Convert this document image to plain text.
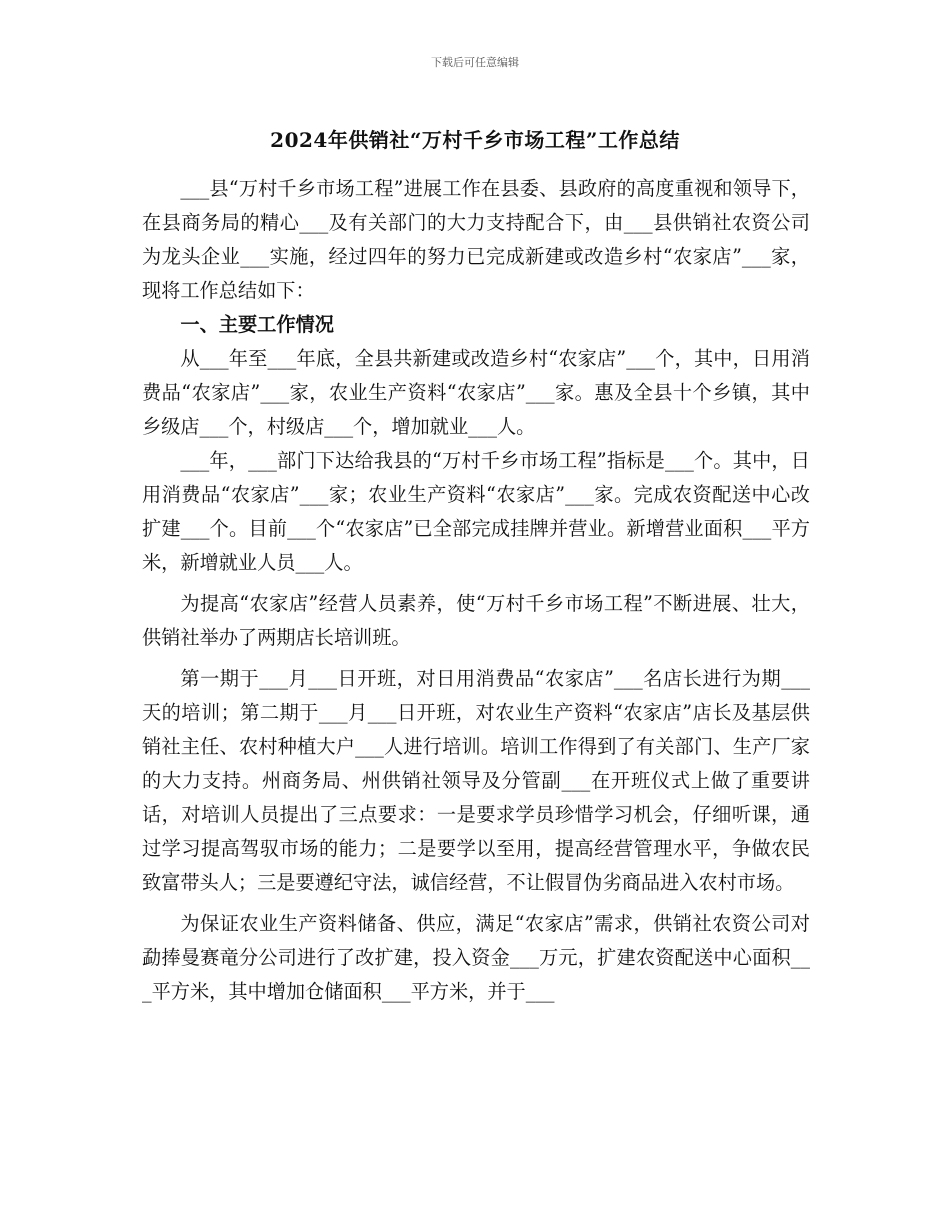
下载后可任意编辑
2024年供销社“万村千乡市场工程”工作总结

___县“万村千乡市场工程”进展工作在县委、县政府的高度重视和领导下，在县商务局的精心___及有关部门的大力支持配合下，由___县供销社农资公司为龙头企业___实施，经过四年的努力已完成新建或改造乡村“农家店”___家，现将工作总结如下：

一、主要工作情况

从___年至___年底，全县共新建或改造乡村“农家店”___个，其中，日用消费品“农家店”___家，农业生产资料“农家店”___家。惠及全县十个乡镇，其中乡级店___个，村级店___个，增加就业___人。

___年，___部门下达给我县的“万村千乡市场工程”指标是___个。其中，日用消费品“农家店”___家；农业生产资料“农家店”___家。完成农资配送中心改扩建___个。目前___个“农家店”已全部完成挂牌并营业。新增营业面积___平方米，新增就业人员___人。

为提高“农家店”经营人员素养，使“万村千乡市场工程”不断进展、壮大，供销社举办了两期店长培训班。

第一期于___月___日开班，对日用消费品“农家店”___名店长进行为期___天的培训；第二期于___月___日开班，对农业生产资料“农家店”店长及基层供销社主任、农村种植大户___人进行培训。培训工作得到了有关部门、生产厂家的大力支持。州商务局、州供销社领导及分管副___在开班仪式上做了重要讲话，对培训人员提出了三点要求：一是要求学员珍惜学习机会，仔细听课，通过学习提高驾驭市场的能力；二是要学以至用，提高经营管理水平，争做农民致富带头人；三是要遵纪守法，诚信经营，不让假冒伪劣商品进入农村市场。

为保证农业生产资料储备、供应，满足“农家店”需求，供销社农资公司对勐捧曼赛竜分公司进行了改扩建，投入资金___万元，扩建农资配送中心面积___平方米，其中增加仓储面积___平方米，并于___
